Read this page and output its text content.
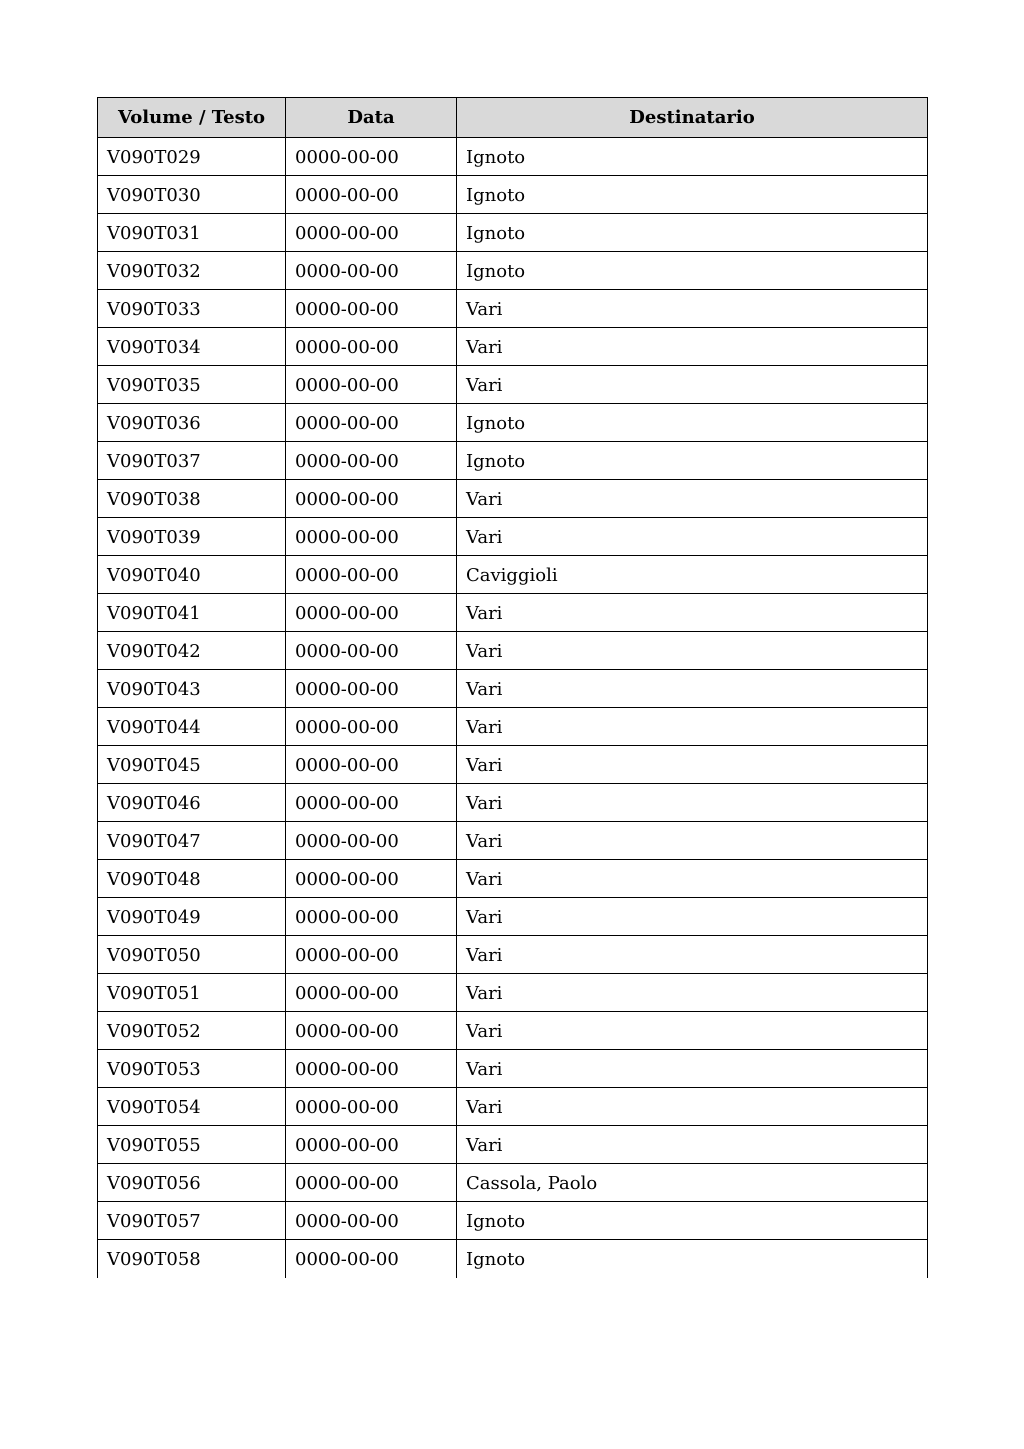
Volume / Testo	Data	Destinatario
V090T029	0000-00-00	Ignoto
V090T030	0000-00-00	Ignoto
V090T031	0000-00-00	Ignoto
V090T032	0000-00-00	Ignoto
V090T033	0000-00-00	Vari
V090T034	0000-00-00	Vari
V090T035	0000-00-00	Vari
V090T036	0000-00-00	Ignoto
V090T037	0000-00-00	Ignoto
V090T038	0000-00-00	Vari
V090T039	0000-00-00	Vari
V090T040	0000-00-00	Caviggioli
V090T041	0000-00-00	Vari
V090T042	0000-00-00	Vari
V090T043	0000-00-00	Vari
V090T044	0000-00-00	Vari
V090T045	0000-00-00	Vari
V090T046	0000-00-00	Vari
V090T047	0000-00-00	Vari
V090T048	0000-00-00	Vari
V090T049	0000-00-00	Vari
V090T050	0000-00-00	Vari
V090T051	0000-00-00	Vari
V090T052	0000-00-00	Vari
V090T053	0000-00-00	Vari
V090T054	0000-00-00	Vari
V090T055	0000-00-00	Vari
V090T056	0000-00-00	Cassola, Paolo
V090T057	0000-00-00	Ignoto
V090T058	0000-00-00	Ignoto
